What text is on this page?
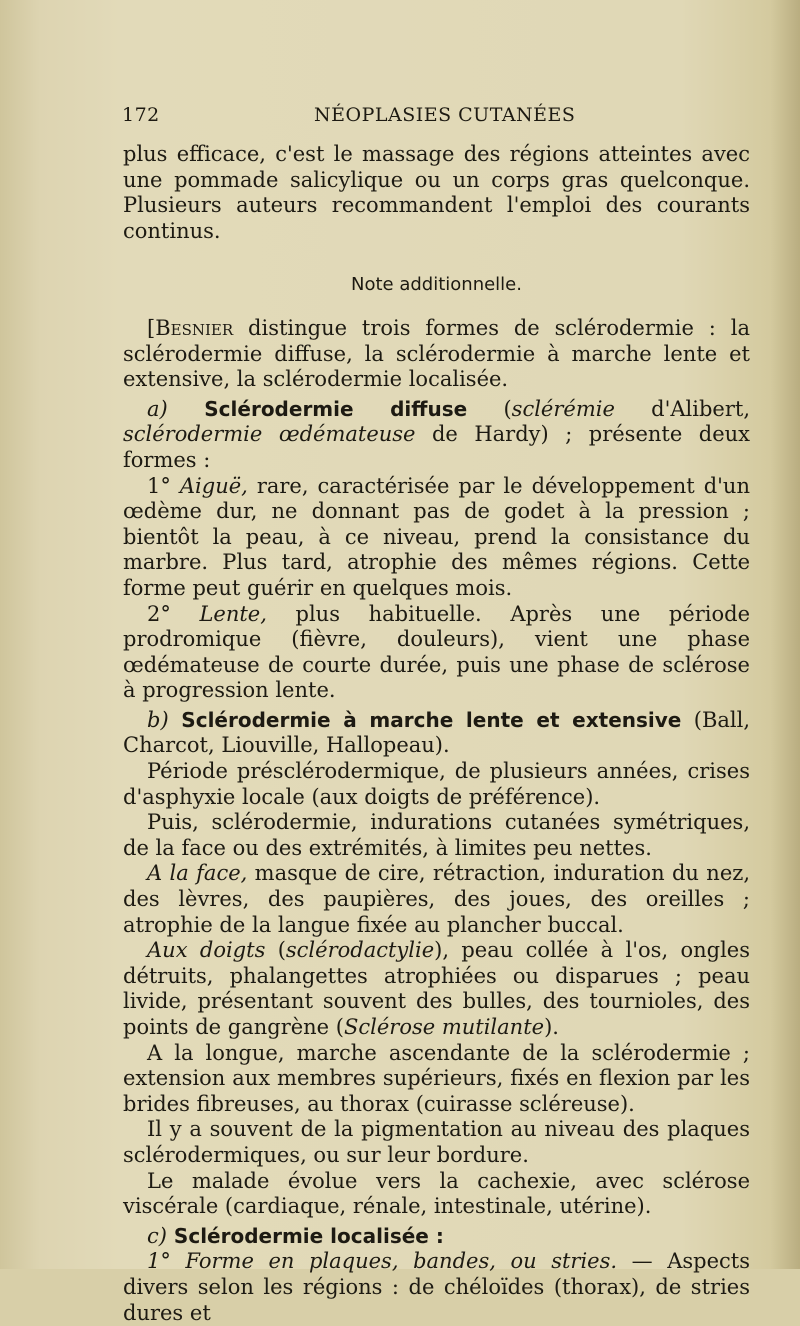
172	NÉOPLASIES CUTANÉES

plus efficace, c'est le massage des régions atteintes avec une pommade salicylique ou un corps gras quelconque. Plusieurs auteurs recommandent l'emploi des courants continus.

Note additionnelle.

[Besnier distingue trois formes de sclérodermie : la sclérodermie diffuse, la sclérodermie à marche lente et extensive, la sclérodermie localisée.

a) Sclérodermie diffuse (sclérémie d'Alibert, sclérodermie œdémateuse de Hardy) ; présente deux formes :

1° Aiguë, rare, caractérisée par le développement d'un œdème dur, ne donnant pas de godet à la pression ; bientôt la peau, à ce niveau, prend la consistance du marbre. Plus tard, atrophie des mêmes régions. Cette forme peut guérir en quelques mois.

2° Lente, plus habituelle. Après une période prodromique (fièvre, douleurs), vient une phase œdémateuse de courte durée, puis une phase de sclérose à progression lente.

b) Sclérodermie à marche lente et extensive (Ball, Charcot, Liouville, Hallopeau).

Période présclérodermique, de plusieurs années, crises d'asphyxie locale (aux doigts de préférence).

Puis, sclérodermie, indurations cutanées symétriques, de la face ou des extrémités, à limites peu nettes.

A la face, masque de cire, rétraction, induration du nez, des lèvres, des paupières, des joues, des oreilles ; atrophie de la langue fixée au plancher buccal.

Aux doigts (sclérodactylie), peau collée à l'os, ongles détruits, phalangettes atrophiées ou disparues ; peau livide, présentant souvent des bulles, des tournioles, des points de gangrène (Sclérose mutilante).

A la longue, marche ascendante de la sclérodermie ; extension aux membres supérieurs, fixés en flexion par les brides fibreuses, au thorax (cuirasse scléreuse).

Il y a souvent de la pigmentation au niveau des plaques sclérodermiques, ou sur leur bordure.

Le malade évolue vers la cachexie, avec sclérose viscérale (cardiaque, rénale, intestinale, utérine).

c) Sclérodermie localisée :

1° Forme en plaques, bandes, ou stries. — Aspects divers selon les régions : de chéloïdes (thorax), de stries dures et
